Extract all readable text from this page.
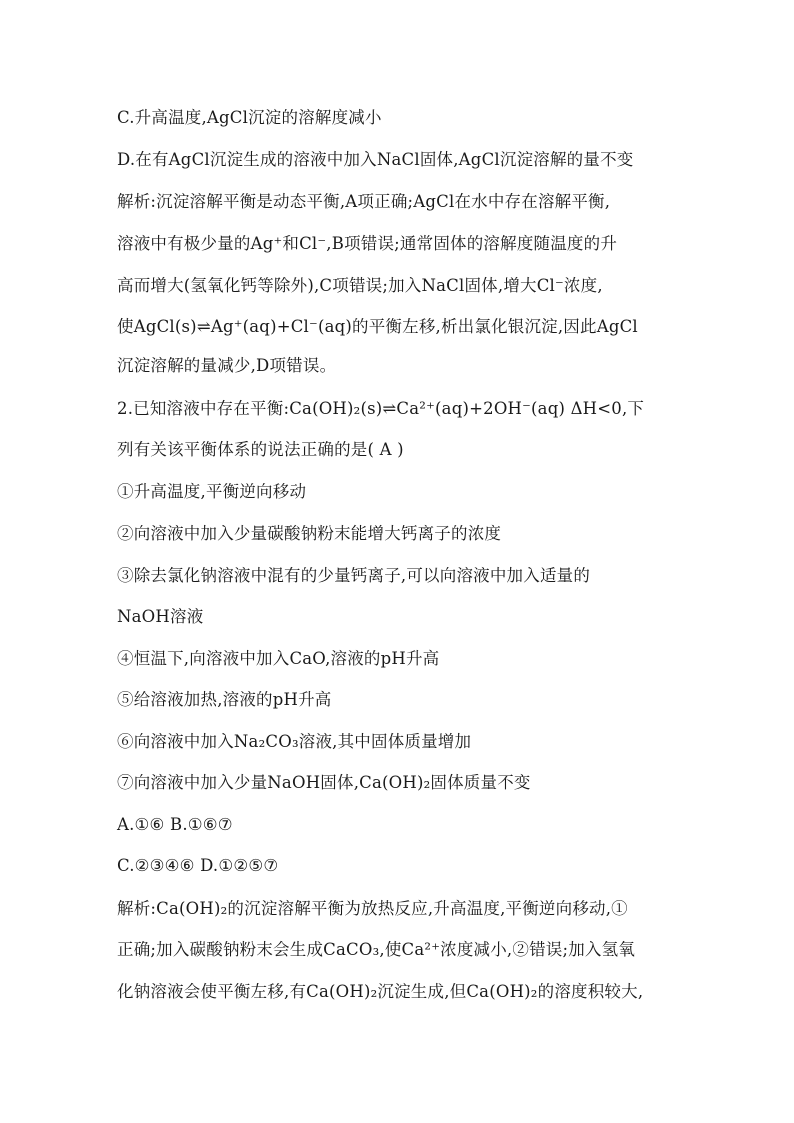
C.升高温度,AgCl沉淀的溶解度减小
D.在有AgCl沉淀生成的溶液中加入NaCl固体,AgCl沉淀溶解的量不变
解析:沉淀溶解平衡是动态平衡,A项正确;AgCl在水中存在溶解平衡,
溶液中有极少量的Ag⁺和Cl⁻,B项错误;通常固体的溶解度随温度的升
高而增大(氢氧化钙等除外),C项错误;加入NaCl固体,增大Cl⁻浓度,
使AgCl(s)⇌Ag⁺(aq)+Cl⁻(aq)的平衡左移,析出氯化银沉淀,因此AgCl
沉淀溶解的量减少,D项错误。
2.已知溶液中存在平衡:Ca(OH)₂(s)⇌Ca²⁺(aq)+2OH⁻(aq) ΔH<0,下
列有关该平衡体系的说法正确的是( A )
①升高温度,平衡逆向移动
②向溶液中加入少量碳酸钠粉末能增大钙离子的浓度
③除去氯化钠溶液中混有的少量钙离子,可以向溶液中加入适量的
NaOH溶液
④恒温下,向溶液中加入CaO,溶液的pH升高
⑤给溶液加热,溶液的pH升高
⑥向溶液中加入Na₂CO₃溶液,其中固体质量增加
⑦向溶液中加入少量NaOH固体,Ca(OH)₂固体质量不变
A.①⑥ B.①⑥⑦
C.②③④⑥ D.①②⑤⑦
解析:Ca(OH)₂的沉淀溶解平衡为放热反应,升高温度,平衡逆向移动,①
正确;加入碳酸钠粉末会生成CaCO₃,使Ca²⁺浓度减小,②错误;加入氢氧
化钠溶液会使平衡左移,有Ca(OH)₂沉淀生成,但Ca(OH)₂的溶度积较大,
